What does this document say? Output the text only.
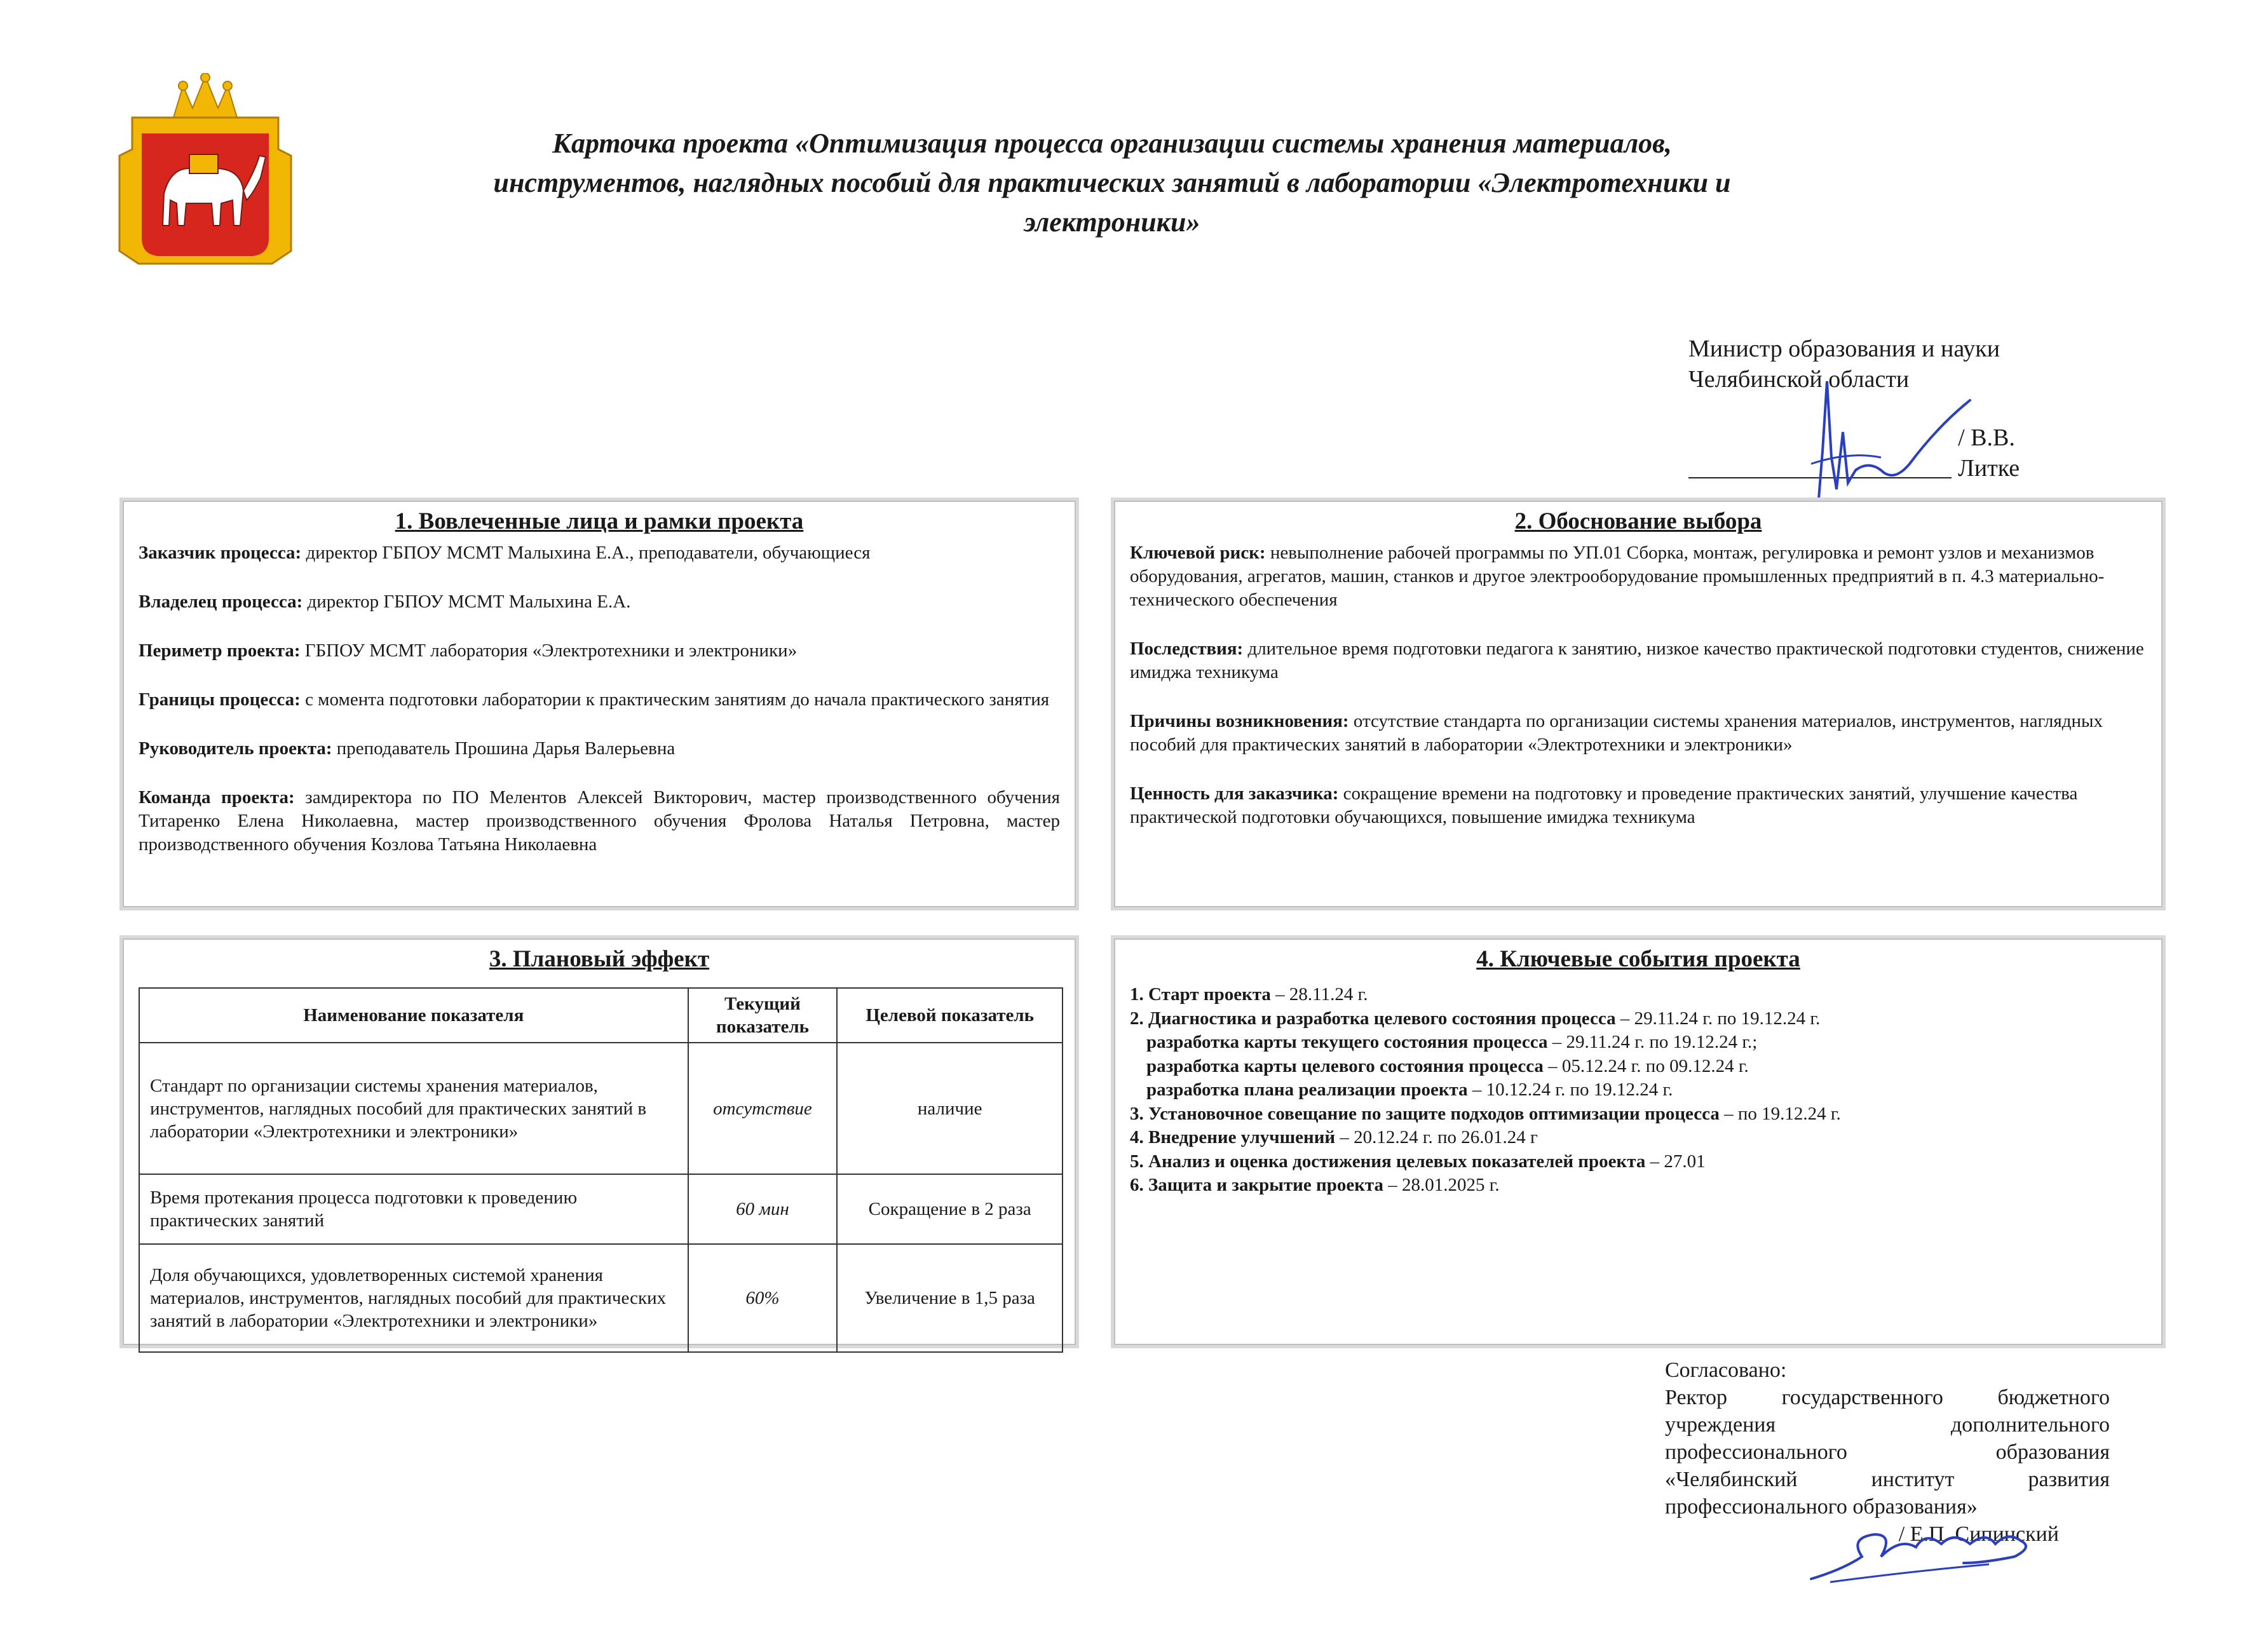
Карточка проекта «Оптимизация процесса организации системы хранения материалов, инструментов, наглядных пособий для практических занятий в лаборатории «Электротехники и электроники»
Министр образования и науки
Челябинской области
/ В.В. Литке
1. Вовлеченные лица и рамки проекта

Заказчик процесса: директор ГБПОУ МСМТ Малыхина Е.А., преподаватели, обучающиеся

Владелец процесса: директор ГБПОУ МСМТ Малыхина Е.А.

Периметр проекта: ГБПОУ МСМТ лаборатория «Электротехники и электроники»

Границы процесса: с момента подготовки лаборатории к практическим занятиям до начала практического занятия

Руководитель проекта: преподаватель Прошина Дарья Валерьевна

Команда проекта: замдиректора по ПО Мелентов Алексей Викторович, мастер производственного обучения Титаренко Елена Николаевна, мастер производственного обучения Фролова Наталья Петровна, мастер производственного обучения Козлова Татьяна Николаевна

2. Обоснование выбора

Ключевой риск: невыполнение рабочей программы по УП.01 Сборка, монтаж, регулировка и ремонт узлов и механизмов оборудования, агрегатов, машин, станков и другое электрооборудование промышленных предприятий в п. 4.3 материально-технического обеспечения

Последствия: длительное время подготовки педагога к занятию, низкое качество практической подготовки студентов, снижение имиджа техникума

Причины возникновения: отсутствие стандарта по организации системы хранения материалов, инструментов, наглядных пособий для практических занятий в лаборатории «Электротехники и электроники»

Ценность для заказчика: сокращение времени на подготовку и проведение практических занятий, улучшение качества практической подготовки обучающихся, повышение имиджа техникума

3. Плановый эффект
Наименование показателя	Текущий показатель	Целевой показатель
Стандарт по организации системы хранения материалов, инструментов, наглядных пособий для практических занятий в лаборатории «Электротехники и электроники»	отсутствие	наличие
Время протекания процесса подготовки к проведению практических занятий	60 мин	Сокращение в 2 раза
Доля обучающихся, удовлетворенных системой хранения материалов, инструментов, наглядных пособий для практических занятий в лаборатории «Электротехники и электроники»	60%	Увеличение в 1,5 раза
4. Ключевые события проекта
1. Старт проекта – 28.11.24 г.
2. Диагностика и разработка целевого состояния процесса – 29.11.24 г. по 19.12.24 г.
разработка карты текущего состояния процесса – 29.11.24 г. по 19.12.24 г.;
разработка карты целевого состояния процесса – 05.12.24 г. по 09.12.24 г.
разработка плана реализации проекта – 10.12.24 г. по 19.12.24 г.
3. Установочное совещание по защите подходов оптимизации процесса – по 19.12.24 г.
4. Внедрение улучшений – 20.12.24 г. по 26.01.24 г
5. Анализ и оценка достижения целевых показателей проекта – 27.01
6. Защита и закрытие проекта – 28.01.2025 г.
Согласовано:
Ректор государственного бюджетного
учреждения дополнительного
профессионального образования
«Челябинский институт развития
профессионального образования»
/ Е.П. Сипинский
